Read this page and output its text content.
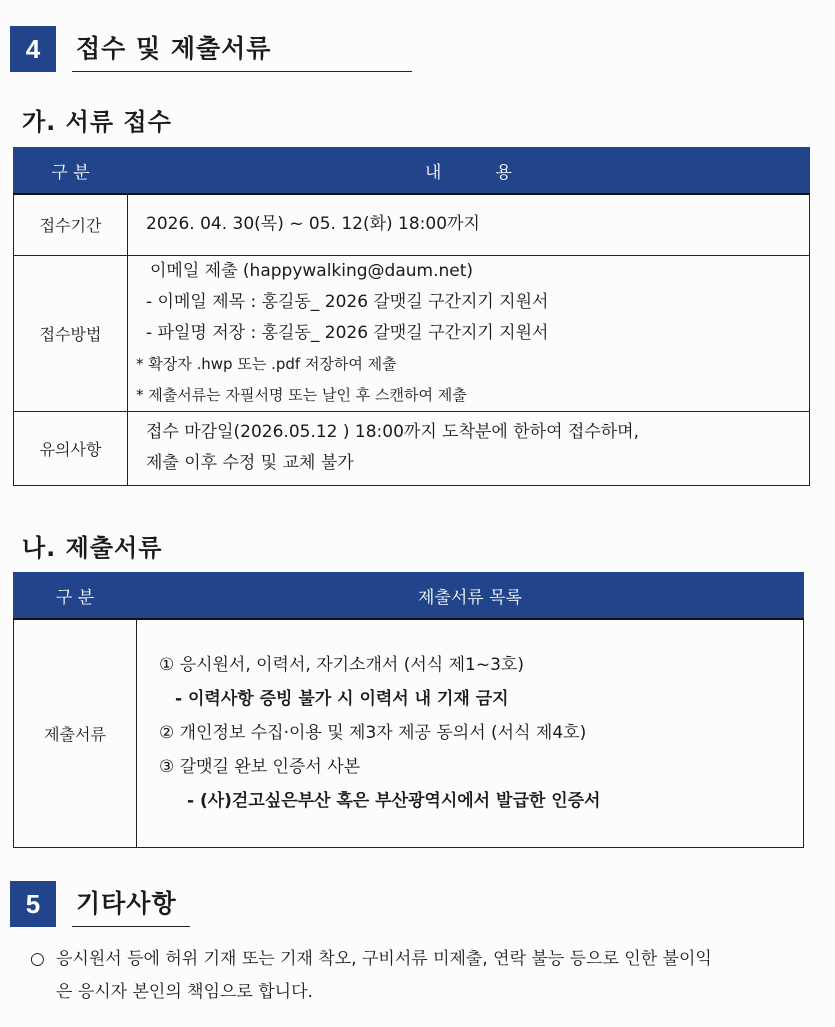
4	접수 및 제출서류
가. 서류 접수
구 분	내          용
접수기간	2026. 04. 30(목) ~ 05. 12(화) 18:00까지

접수방법	이메일 제출 (happywalking@daum.net)
- 이메일 제목 : 홍길동_ 2026 갈맷길 구간지기 지원서
- 파일명 저장 : 홍길동_ 2026 갈맷길 구간지기 지원서
* 확장자 .hwp 또는 .pdf 저장하여 제출
* 제출서류는 자필서명 또는 날인 후 스캔하여 제출

유의사항	접수 마감일(2026.05.12 ) 18:00까지 도착분에 한하여 접수하며,
제출 이후 수정 및 교체 불가
나. 제출서류
구 분	제출서류 목록
제출서류	① 응시원서, 이력서, 자기소개서 (서식 제1~3호)
- 이력사항 증빙 불가 시 이력서 내 기재 금지
② 개인정보 수집·이용 및 제3자 제공 동의서 (서식 제4호)
③ 갈맷길 완보 인증서 사본
- (사)걷고싶은부산 혹은 부산광역시에서 발급한 인증서
5	기타사항
○ 응시원서 등에 허위 기재 또는 기재 착오, 구비서류 미제출, 연락 불능 등으로 인한 불이익
은 응시자 본인의 책임으로 합니다.
